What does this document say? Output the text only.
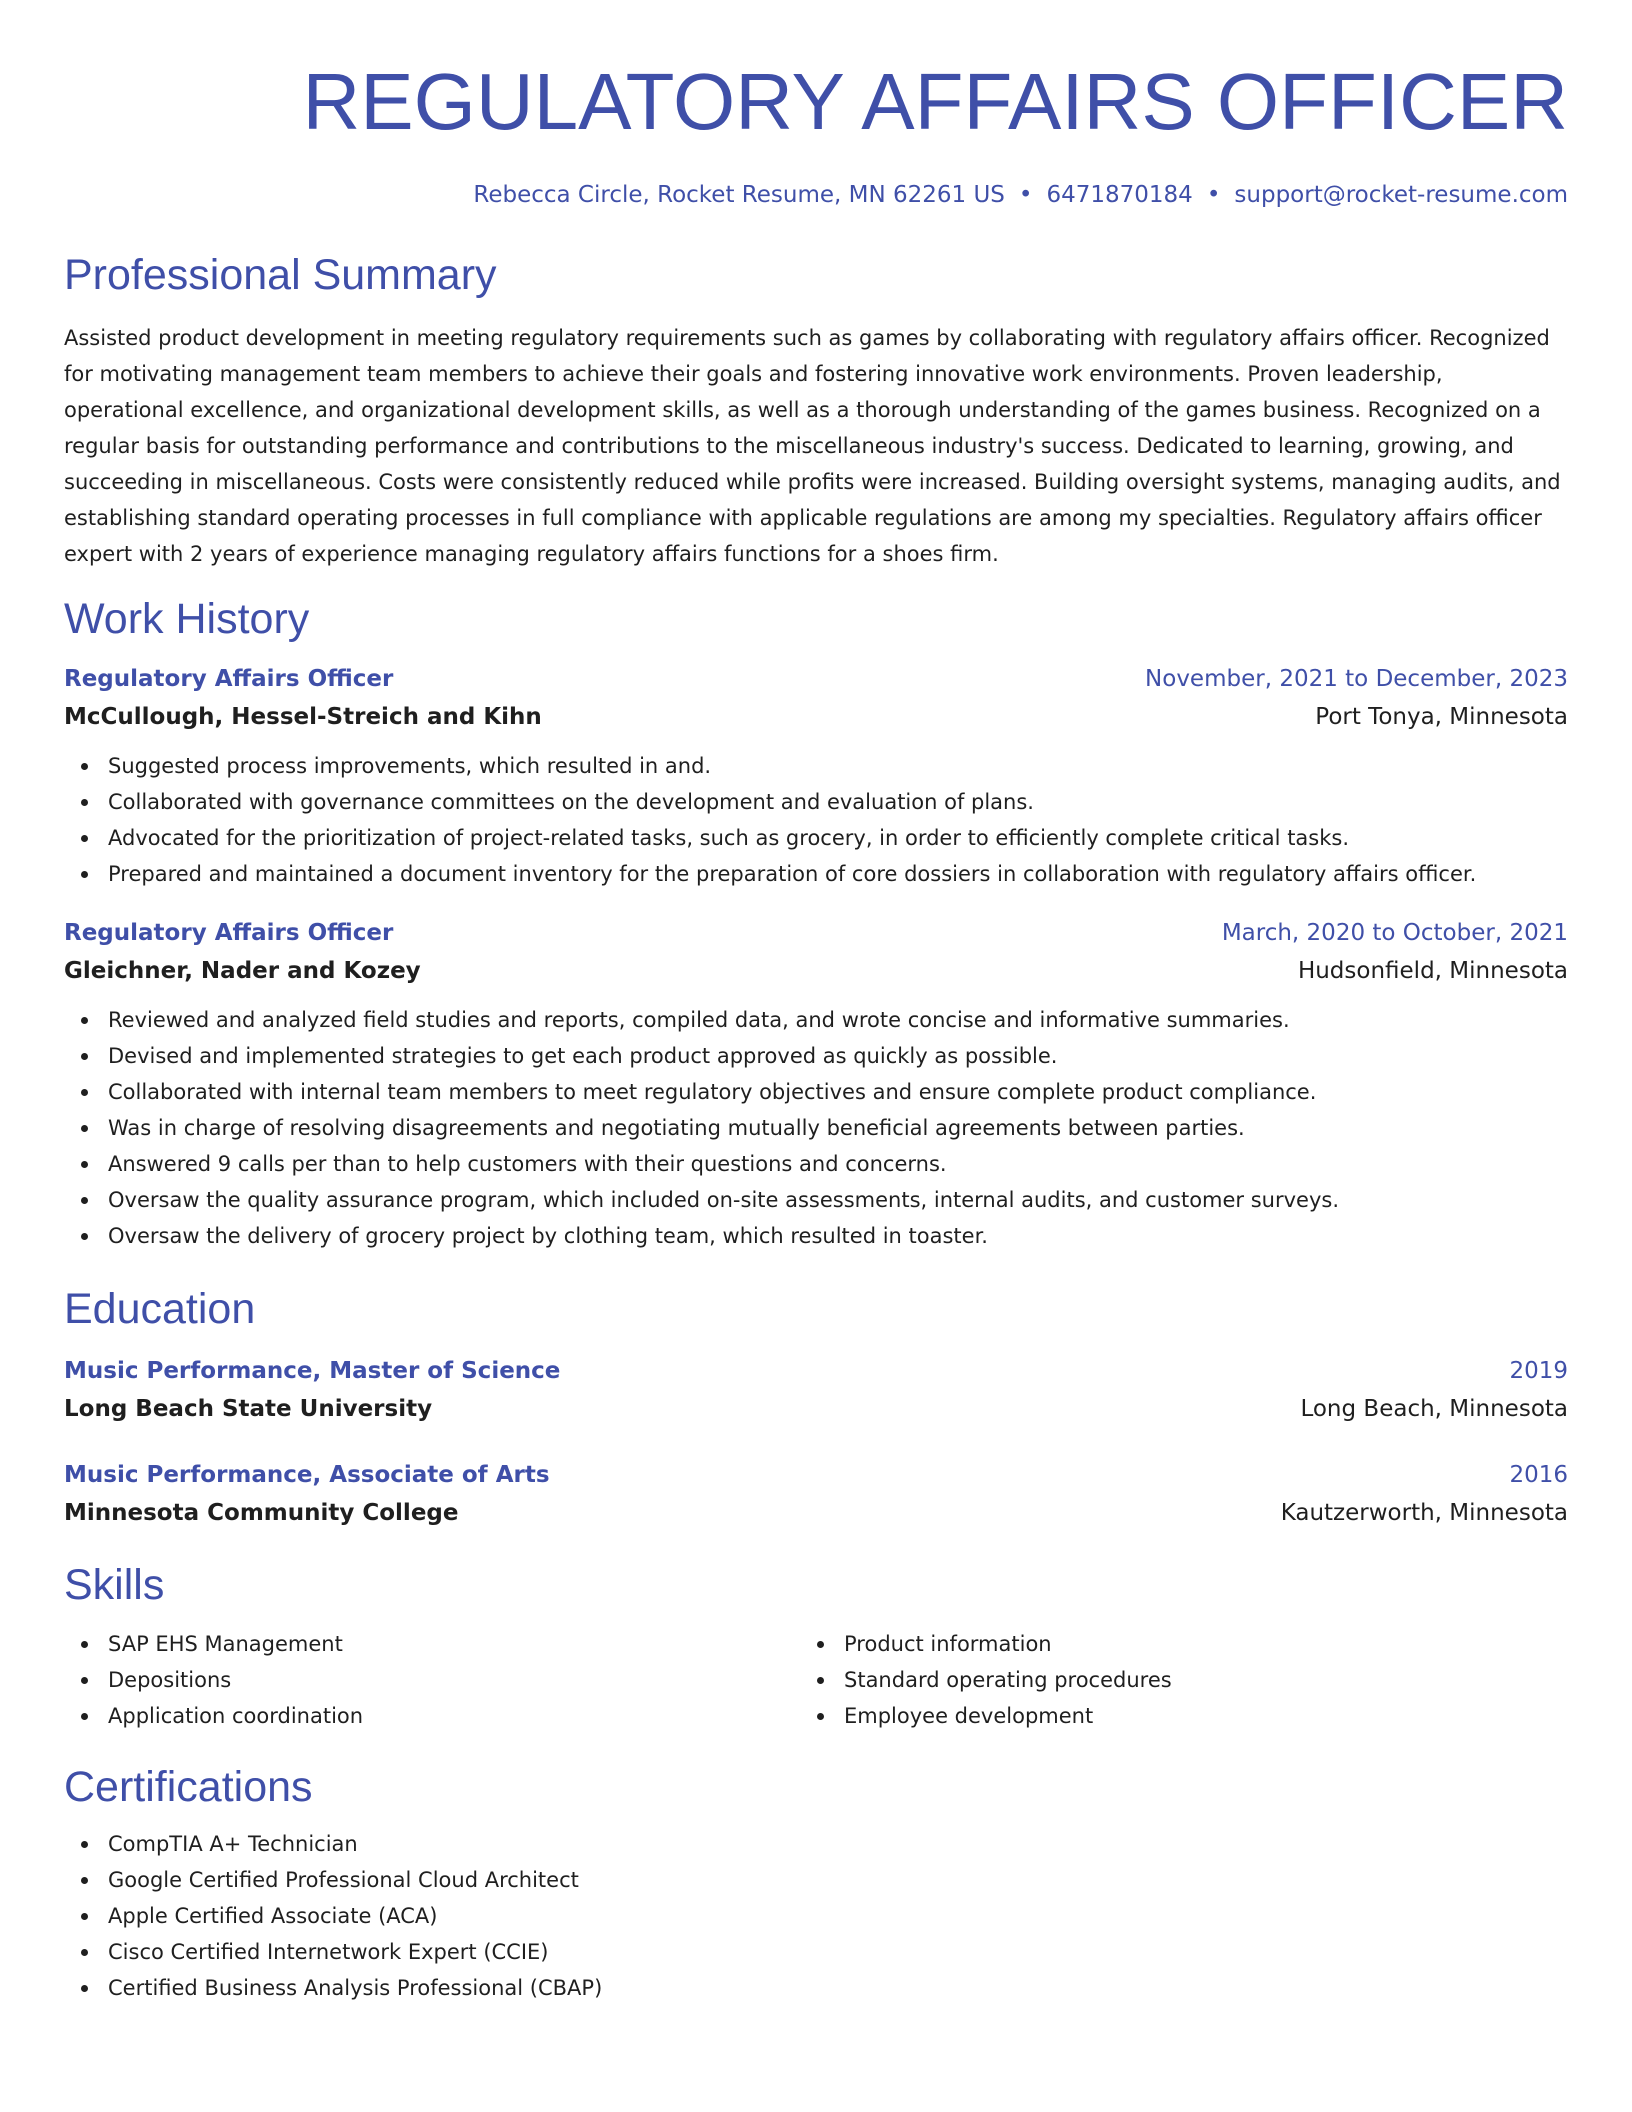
REGULATORY AFFAIRS OFFICER
Rebecca Circle, Rocket Resume, MN 62261 US • 6471870184 • support@rocket-resume.com
Professional Summary
Assisted product development in meeting regulatory requirements such as games by collaborating with regulatory affairs officer. Recognized for motivating management team members to achieve their goals and fostering innovative work environments. Proven leadership, operational excellence, and organizational development skills, as well as a thorough understanding of the games business. Recognized on a regular basis for outstanding performance and contributions to the miscellaneous industry's success. Dedicated to learning, growing, and succeeding in miscellaneous. Costs were consistently reduced while profits were increased. Building oversight systems, managing audits, and establishing standard operating processes in full compliance with applicable regulations are among my specialties. Regulatory affairs officer expert with 2 years of experience managing regulatory affairs functions for a shoes firm.
Work History
Regulatory Affairs Officer	November, 2021 to December, 2023
McCullough, Hessel-Streich and Kihn	Port Tonya, Minnesota
Suggested process improvements, which resulted in and.
Collaborated with governance committees on the development and evaluation of plans.
Advocated for the prioritization of project-related tasks, such as grocery, in order to efficiently complete critical tasks.
Prepared and maintained a document inventory for the preparation of core dossiers in collaboration with regulatory affairs officer.
Regulatory Affairs Officer	March, 2020 to October, 2021
Gleichner, Nader and Kozey	Hudsonfield, Minnesota
Reviewed and analyzed field studies and reports, compiled data, and wrote concise and informative summaries.
Devised and implemented strategies to get each product approved as quickly as possible.
Collaborated with internal team members to meet regulatory objectives and ensure complete product compliance.
Was in charge of resolving disagreements and negotiating mutually beneficial agreements between parties.
Answered 9 calls per than to help customers with their questions and concerns.
Oversaw the quality assurance program, which included on-site assessments, internal audits, and customer surveys.
Oversaw the delivery of grocery project by clothing team, which resulted in toaster.
Education
Music Performance, Master of Science	2019
Long Beach State University	Long Beach, Minnesota
Music Performance, Associate of Arts	2016
Minnesota Community College	Kautzerworth, Minnesota
Skills
SAP EHS Management
Depositions
Application coordination
Product information
Standard operating procedures
Employee development
Certifications
CompTIA A+ Technician
Google Certified Professional Cloud Architect
Apple Certified Associate (ACA)
Cisco Certified Internetwork Expert (CCIE)
Certified Business Analysis Professional (CBAP)
